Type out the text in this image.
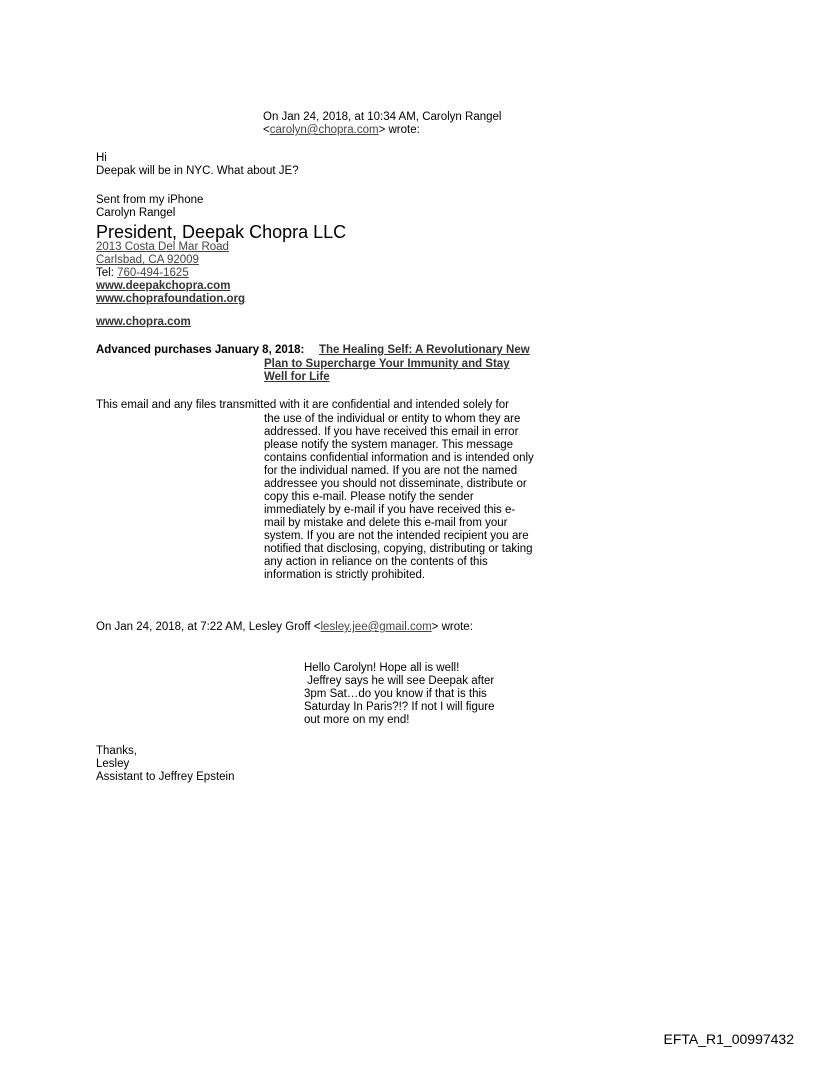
On Jan 24, 2018, at 10:34 AM, Carolyn Rangel
<carolyn@chopra.com> wrote:
Hi
Deepak will be in NYC. What about JE?
Sent from my iPhone
Carolyn Rangel
President, Deepak Chopra LLC
2013 Costa Del Mar Road
Carlsbad, CA 92009
Tel: 760-494-1625
www.deepakchopra.com
www.choprafoundation.org
www.chopra.com
Advanced purchases January 8, 2018: The Healing Self: A Revolutionary New
Plan to Supercharge Your Immunity and Stay
Well for Life
This email and any files transmitted with it are confidential and intended solely for
the use of the individual or entity to whom they are
addressed. If you have received this email in error
please notify the system manager. This message
contains confidential information and is intended only
for the individual named. If you are not the named
addressee you should not disseminate, distribute or
copy this e-mail. Please notify the sender
immediately by e-mail if you have received this e-
mail by mistake and delete this e-mail from your
system. If you are not the intended recipient you are
notified that disclosing, copying, distributing or taking
any action in reliance on the contents of this
information is strictly prohibited.
On Jan 24, 2018, at 7:22 AM, Lesley Groff <lesley.jee@gmail.com> wrote:
Hello Carolyn! Hope all is well!
Jeffrey says he will see Deepak after
3pm Sat…do you know if that is this
Saturday In Paris?!? If not I will figure
out more on my end!
Thanks,
Lesley
Assistant to Jeffrey Epstein
EFTA_R1_00997432
